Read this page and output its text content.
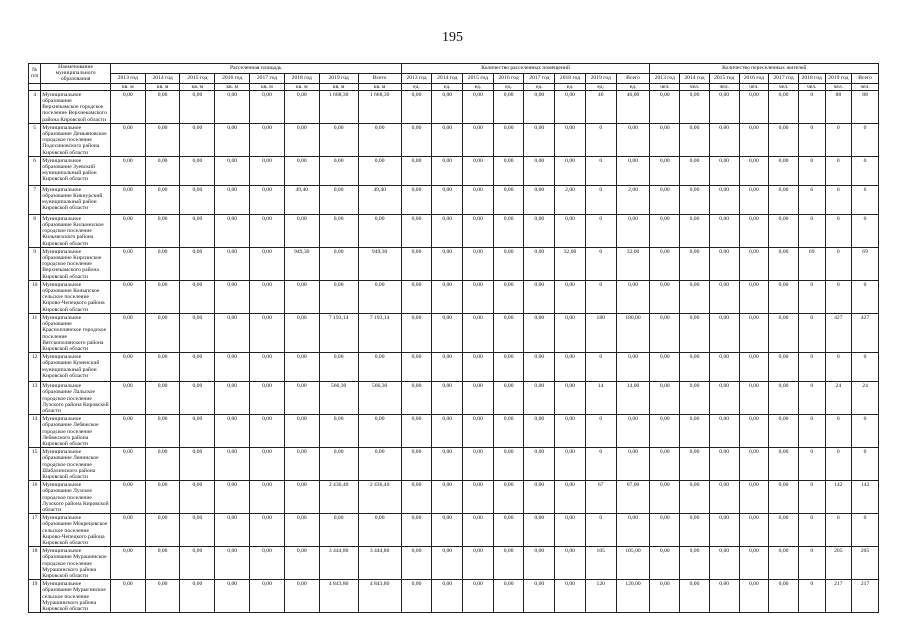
195
№ п/п	Наименование муниципального образования	Расселенная площадь								Количество расселенных помещений								Количество переселенных жителей							
		2013 год	2014 год	2015 год	2016 год	2017 год	2018 год	2019 год	Всего	2013 год	2014 год	2015 год	2016 год	2017 год	2018 год	2019 год	Всего	2013 год	2014 год	2015 год	2016 год	2017 год	2018 год	2019 год	Всего
		кв. м	кв. м	кв. м	кв. м	кв. м	кв. м	кв. м	кв. м	ед.	ед.	ед.	ед.	ед.	ед.	ед.	ед.	чел.	чел.	чел.	чел.	чел.	чел.	чел.	чел.
4	Муниципальное образование Верхнекамское городское поселение Верхнекамского района Кировской области	0,00	0,00	0,00	0,00	0,00	0,00	1 668,30	1 668,30	0,00	0,00	0,00	0,00	0,00	0,00	46	46,00	0,00	0,00	0,00	0,00	0,00	0	88	88
5	Муниципальное образование Демьяновское городское поселение Подосиновского района Кировской области	0,00	0,00	0,00	0,00	0,00	0,00	0,00	0,00	0,00	0,00	0,00	0,00	0,00	0,00	0	0,00	0,00	0,00	0,00	0,00	0,00	0	0	0
6	Муниципальное образование Зуевский муниципальный район Кировской области	0,00	0,00	0,00	0,00	0,00	0,00	0,00	0,00	0,00	0,00	0,00	0,00	0,00	0,00	0	0,00	0,00	0,00	0,00	0,00	0,00	0	0	0
7	Муниципальное образование Кикнурский муниципальный район Кировской области	0,00	0,00	0,00	0,00	0,00	49,40	0,00	49,40	0,00	0,00	0,00	0,00	0,00	2,00	0	2,00	0,00	0,00	0,00	0,00	0,00	6	0	6
8	Муниципальное образование Кильмезское городское поселение Кильмезского района Кировской области	0,00	0,00	0,00	0,00	0,00	0,00	0,00	0,00	0,00	0,00	0,00	0,00	0,00	0,00	0	0,00	0,00	0,00	0,00	0,00	0,00	0	0	0
9	Муниципальное образование Кирсинское городское поселение Верхнекамского района Кировской области	0,00	0,00	0,00	0,00	0,00	949,30	0,00	949,30	0,00	0,00	0,00	0,00	0,00	32,00	0	32,00	0,00	0,00	0,00	0,00	0,00	69	0	69
10	Муниципальное образование Коныпское сельское поселение Кирово-Чепецкого района Кировской области	0,00	0,00	0,00	0,00	0,00	0,00	0,00	0,00	0,00	0,00	0,00	0,00	0,00	0,00	0	0,00	0,00	0,00	0,00	0,00	0,00	0	0	0
11	Муниципальное образование Красноплянское городское поселение Вятскополянского района Кировской области	0,00	0,00	0,00	0,00	0,00	0,00	7 193,14	7 193,14	0,00	0,00	0,00	0,00	0,00	0,00	180	180,00	0,00	0,00	0,00	0,00	0,00	0	427	427
12	Муниципальное образование Куменский муниципальный район Кировской области	0,00	0,00	0,00	0,00	0,00	0,00	0,00	0,00	0,00	0,00	0,00	0,00	0,00	0,00	0	0,00	0,00	0,00	0,00	0,00	0,00	0	0	0
13	Муниципальное образование Лальское городское поселение Лузского района Кировской области	0,00	0,00	0,00	0,00	0,00	0,00	566,30	566,30	0,00	0,00	0,00	0,00	0,00	0,00	14	14,00	0,00	0,00	0,00	0,00	0,00	0	24	24
14	Муниципальное образование Лебяжское городское поселение Лебяжского района Кировской области	0,00	0,00	0,00	0,00	0,00	0,00	0,00	0,00	0,00	0,00	0,00	0,00	0,00	0,00	0	0,00	0,00	0,00	0,00	0,00	0,00	0	0	0
15	Муниципальное образование Ленинское городское поселение Шабалинского района Кировской области	0,00	0,00	0,00	0,00	0,00	0,00	0,00	0,00	0,00	0,00	0,00	0,00	0,00	0,00	0	0,00	0,00	0,00	0,00	0,00	0,00	0	0	0
16	Муниципальное образование Лузское городское поселение Лузского района Кировской области	0,00	0,00	0,00	0,00	0,00	0,00	2 436,40	2 436,40	0,00	0,00	0,00	0,00	0,00	0,00	67	67,00	0,00	0,00	0,00	0,00	0,00	0	142	142
17	Муниципальное образование Мокрецовское сельское поселение Кирово-Чепецкого района Кировской области	0,00	0,00	0,00	0,00	0,00	0,00	0,00	0,00	0,00	0,00	0,00	0,00	0,00	0,00	0	0,00	0,00	0,00	0,00	0,00	0,00	0	0	0
18	Муниципальное образование Мурашинское городское поселение Мурашинского района Кировской области	0,00	0,00	0,00	0,00	0,00	0,00	3 444,80	3 444,80	0,00	0,00	0,00	0,00	0,00	0,00	105	105,00	0,00	0,00	0,00	0,00	0,00	0	205	205
19	Муниципальное образование Мурыгинское сельское поселение Мурашинского района Кировской области	0,00	0,00	0,00	0,00	0,00	0,00	4 843,80	4 843,80	0,00	0,00	0,00	0,00	0,00	0,00	120	120,00	0,00	0,00	0,00	0,00	0,00	0	217	217
